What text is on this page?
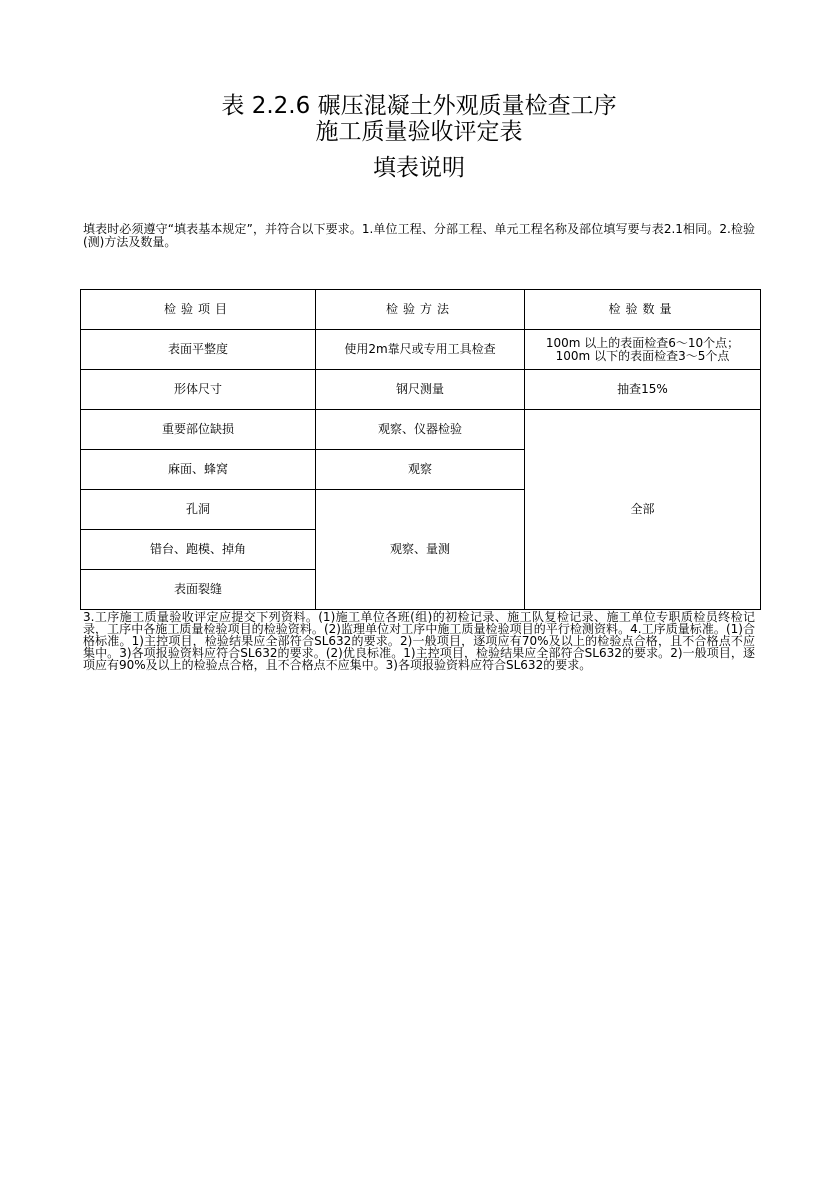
表 2.2.6 碾压混凝土外观质量检查工序
施工质量验收评定表
填表说明
填表时必须遵守“填表基本规定”，并符合以下要求。1.单位工程、分部工程、单元工程名称及部位填写要与表2.1相同。2.检验(测)方法及数量。
检验项目	检验方法	检验数量
表面平整度	使用2m靠尺或专用工具检查	100m 以上的表面检查6～10个点；
100m 以下的表面检查3～5个点

形体尺寸	钢尺测量	抽查15%
重要部位缺损	观察、仪器检验	全部
麻面、蜂窝	观察	
孔洞	观察、量测	
错台、跑模、掉角		
表面裂缝		
3.工序施工质量验收评定应提交下列资料。(1)施工单位各班(组)的初检记录、施工队复检记录、施工单位专职质检员终检记录，工序中各施工质量检验项目的检验资料。(2)监理单位对工序中施工质量检验项目的平行检测资料。4.工序质量标准。(1)合格标准。1)主控项目，检验结果应全部符合SL632的要求。2)一般项目，逐项应有70%及以上的检验点合格，且不合格点不应集中。3)各项报验资料应符合SL632的要求。(2)优良标准。1)主控项目，检验结果应全部符合SL632的要求。2)一般项目，逐项应有90%及以上的检验点合格，且不合格点不应集中。3)各项报验资料应符合SL632的要求。
